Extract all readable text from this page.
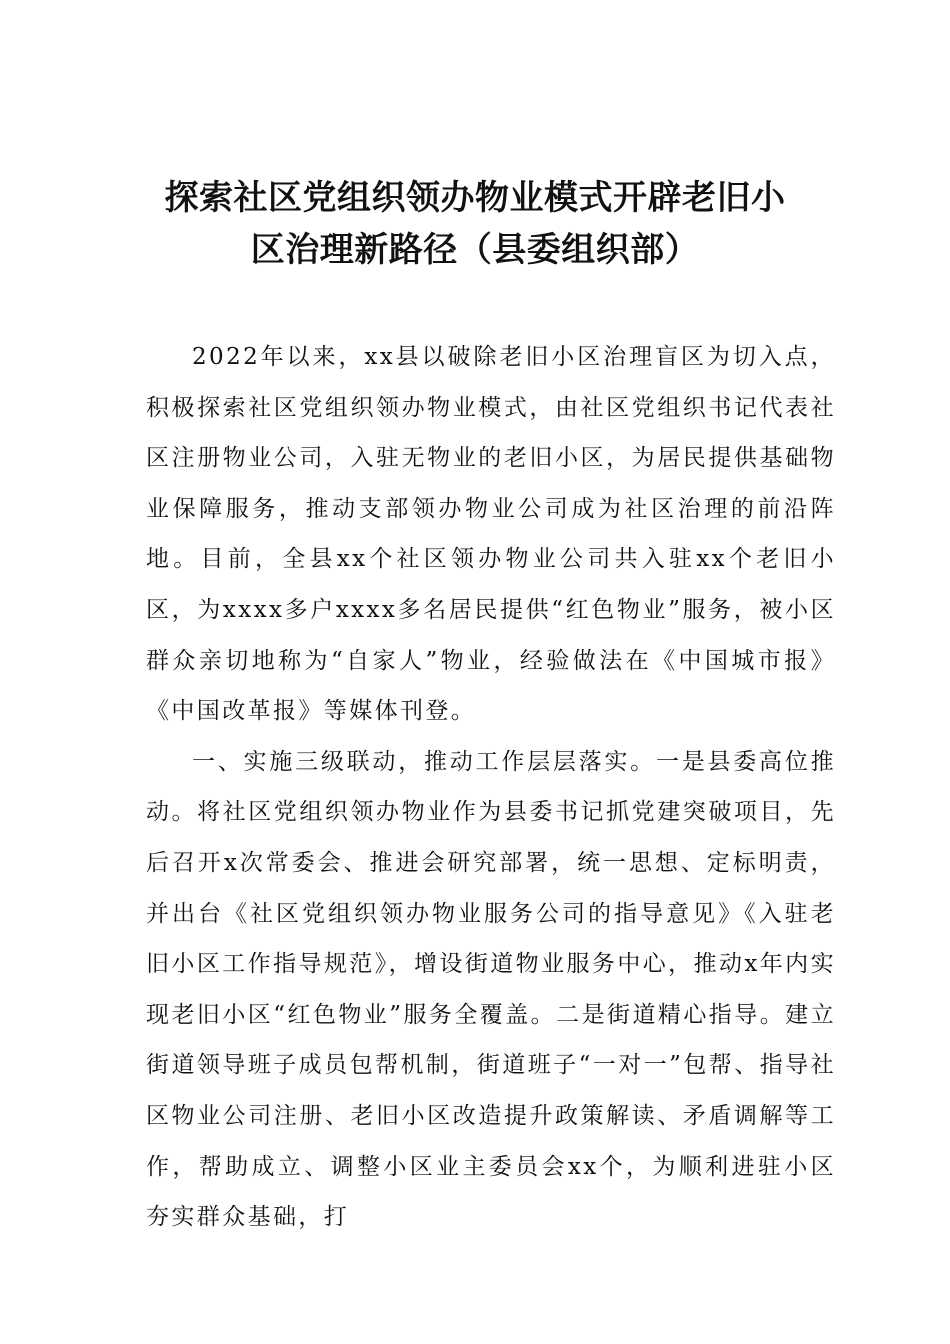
探索社区党组织领办物业模式开辟老旧小
区治理新路径（县委组织部）

2022年以来，xx县以破除老旧小区治理盲区为切入点，积极探索社区党组织领办物业模式，由社区党组织书记代表社区注册物业公司，入驻无物业的老旧小区，为居民提供基础物业保障服务，推动支部领办物业公司成为社区治理的前沿阵地。目前，全县xx个社区领办物业公司共入驻xx个老旧小区，为xxxx多户xxxx多名居民提供“红色物业”服务，被小区群众亲切地称为“自家人”物业，经验做法在《中国城市报》《中国改革报》等媒体刊登。

一、实施三级联动，推动工作层层落实。一是县委高位推动。将社区党组织领办物业作为县委书记抓党建突破项目，先后召开x次常委会、推进会研究部署，统一思想、定标明责，并出台《社区党组织领办物业服务公司的指导意见》《入驻老旧小区工作指导规范》，增设街道物业服务中心，推动x年内实现老旧小区“红色物业”服务全覆盖。二是街道精心指导。建立街道领导班子成员包帮机制，街道班子“一对一”包帮、指导社区物业公司注册、老旧小区改造提升政策解读、矛盾调解等工作，帮助成立、调整小区业主委员会xx个，为顺利进驻小区夯实群众基础，打
